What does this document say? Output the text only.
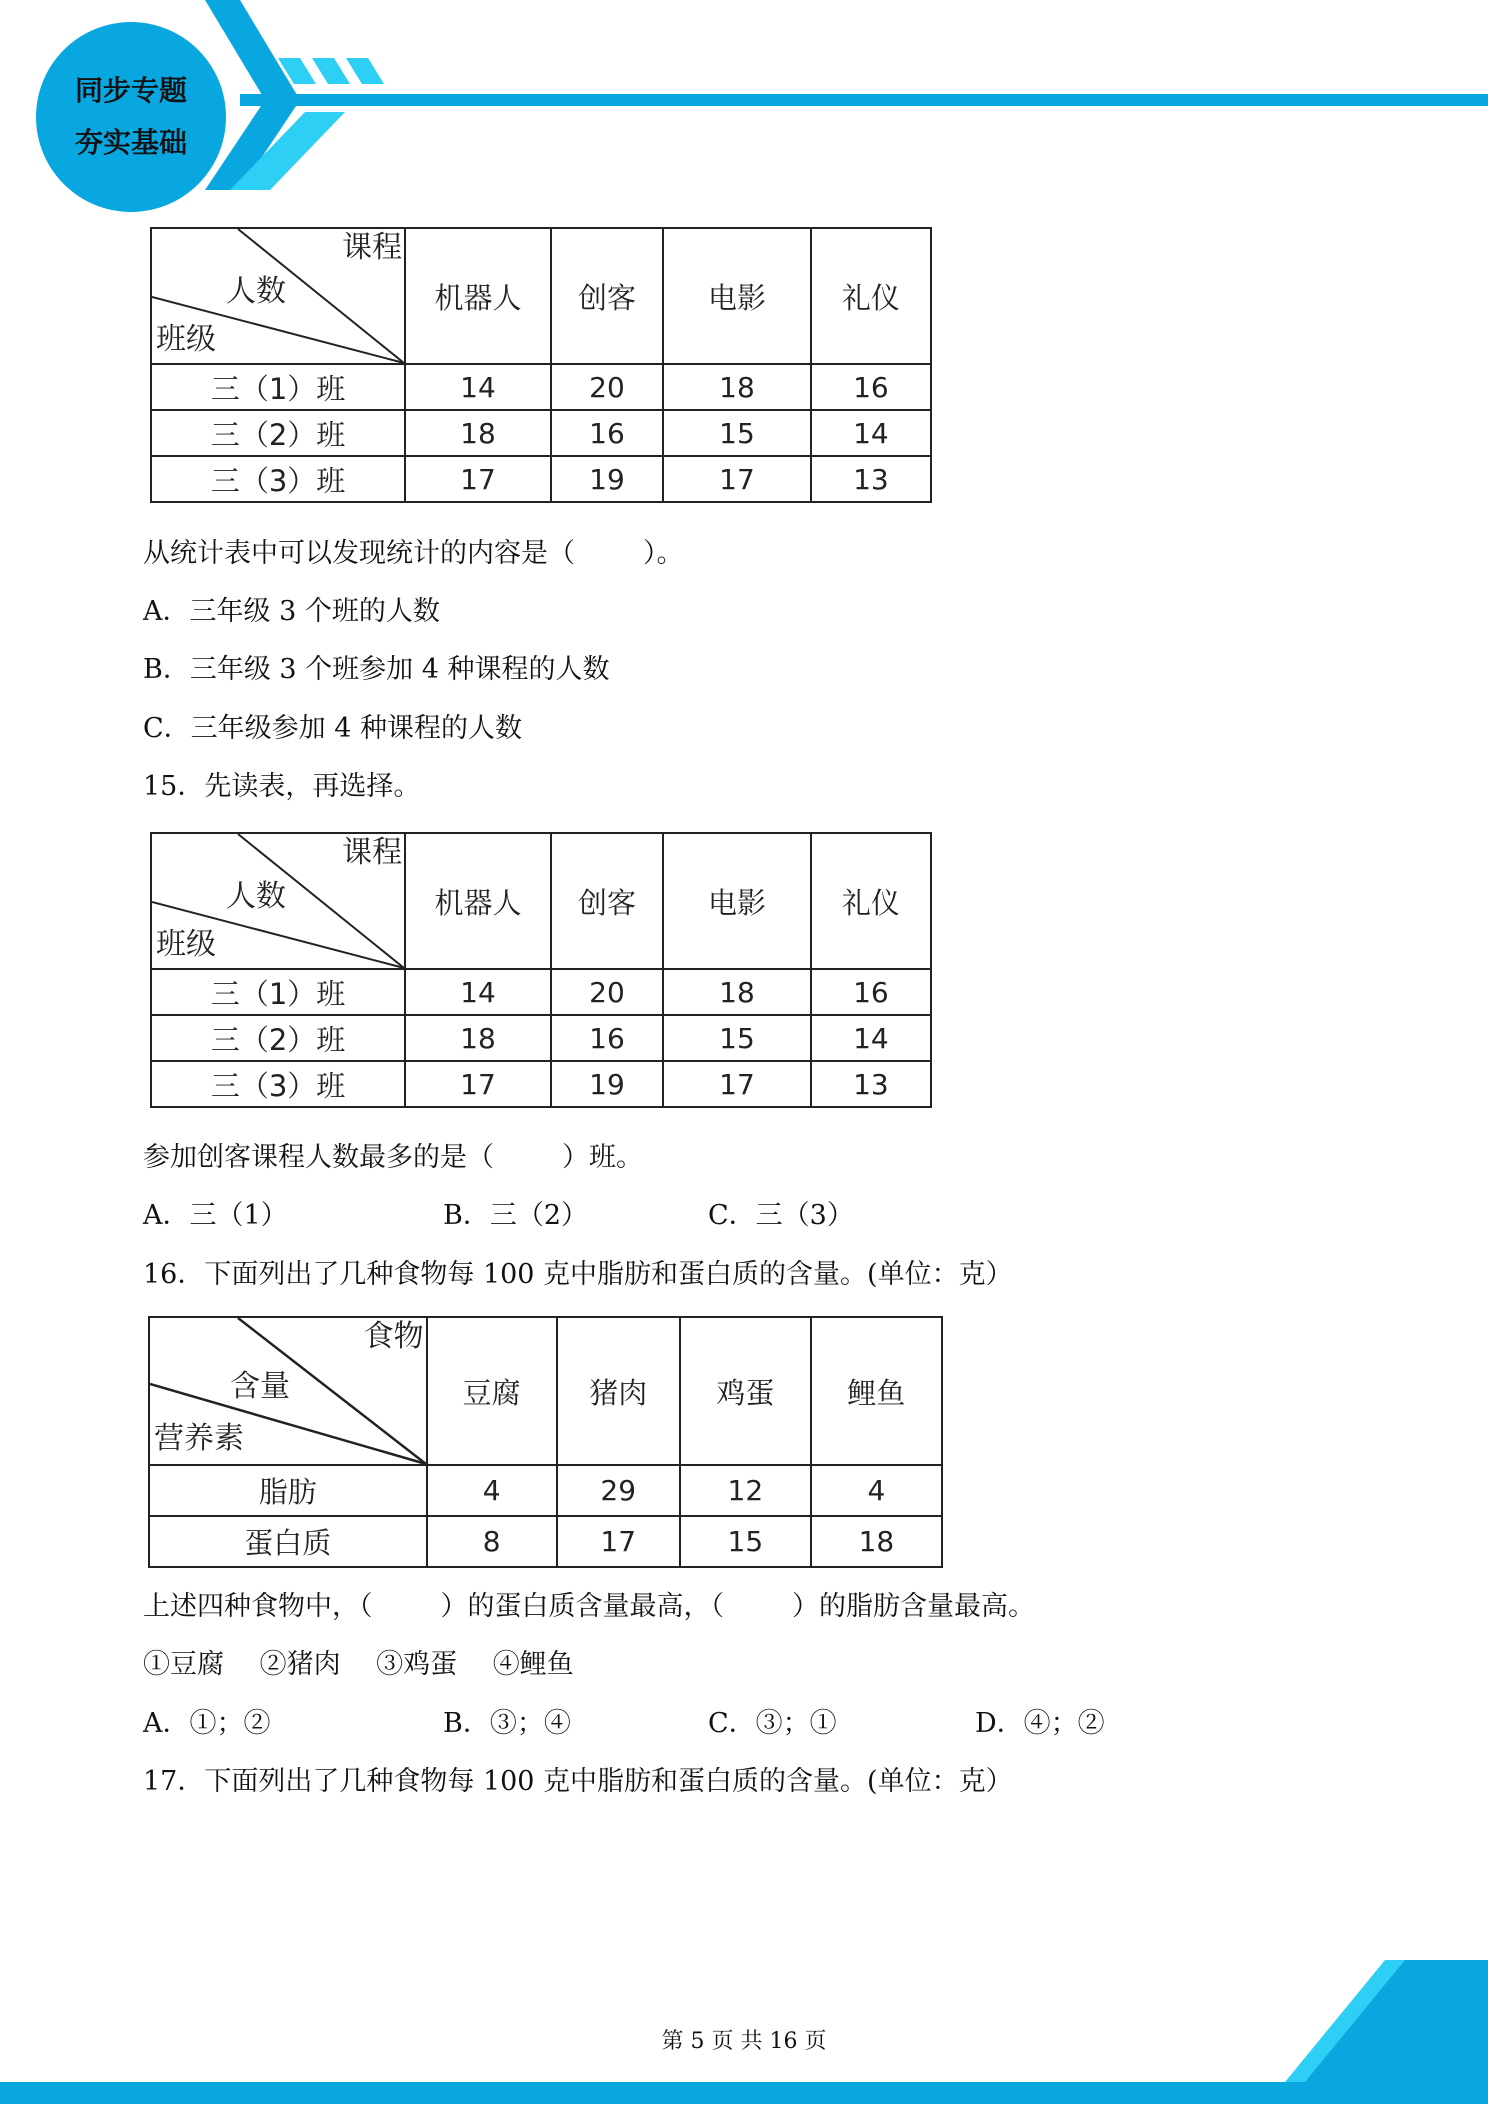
同步专题
夯实基础
课程
人数
班级	机器人	创客	电影	礼仪
三（1）班	14	20	18	16
三（2）班	18	16	15	14
三（3）班	17	19	17	13
从统计表中可以发现统计的内容是（	）。
A．三年级 3 个班的人数
B．三年级 3 个班参加 4 种课程的人数
C．三年级参加 4 种课程的人数
15．先读表，再选择。
课程
人数
班级	机器人	创客	电影	礼仪
三（1）班	14	20	18	16
三（2）班	18	16	15	14
三（3）班	17	19	17	13
参加创客课程人数最多的是（	）班。
A．三（1）	B．三（2）	C．三（3）
16．下面列出了几种食物每 100 克中脂肪和蛋白质的含量。(单位：克）
食物
含量
营养素	豆腐	猪肉	鸡蛋	鲤鱼
脂肪	4	29	12	4
蛋白质	8	17	15	18
上述四种食物中，（	）的蛋白质含量最高，（	）的脂肪含量最高。
①豆腐　 ②猪肉　 ③鸡蛋　 ④鲤鱼
A．①；②	B．③；④	C．③；①	D．④；②
17．下面列出了几种食物每 100 克中脂肪和蛋白质的含量。(单位：克）
第 5 页 共 16 页
